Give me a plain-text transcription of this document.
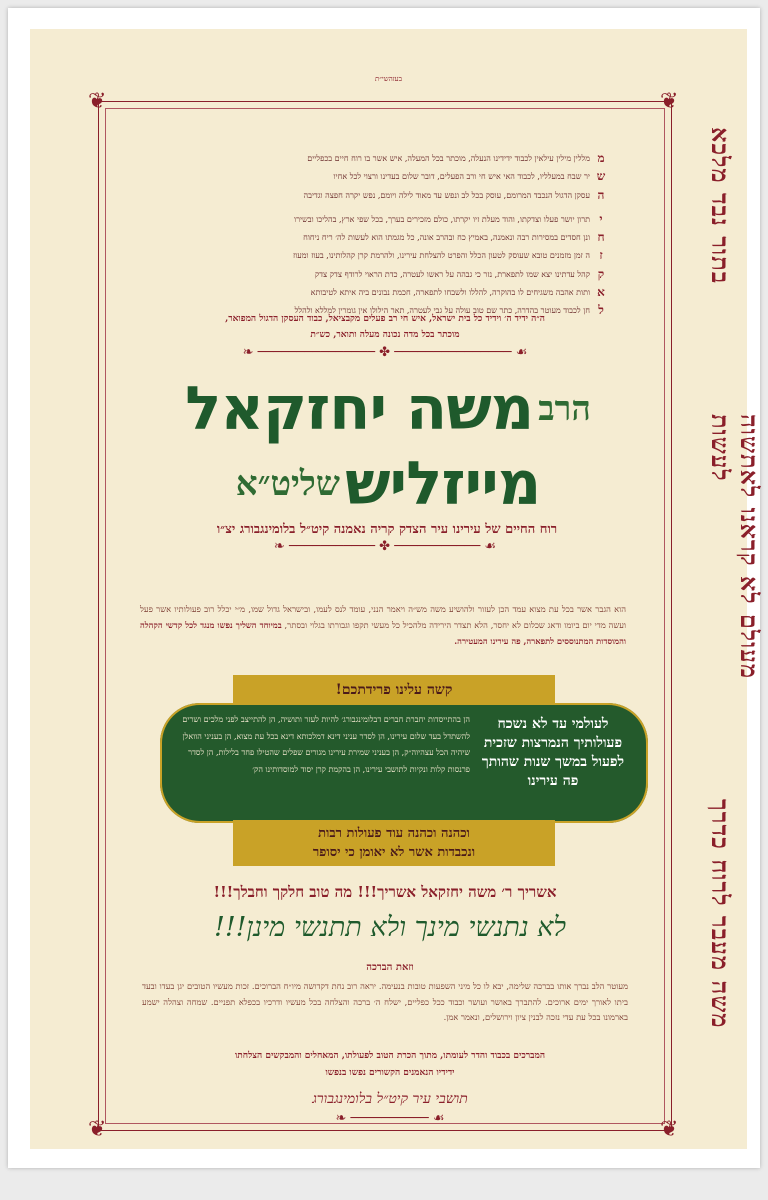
בעזהשי״ת
❦	❦
❦	❦
בתור נבד מלכא
מעולם לא קראנו לאתשוה לעשות
משה מעבר לרוח כדרך
מ
מללין מילין עילאין לכבוד ידידינו הנעלה, מוכתר בכל המעלה, איש אשר בו רוח חיים בכפליים
ש
יר שבח במעלליו, לכבוד האי איש חי ורב הפעלים, דובר שלום בעדינו ורצוי לכל אחיו
ה
עסקן הדגול הנכבד המרומם, עוסק בכל לב ונפש עד מאוד לילה ויומם, נפש יקרה חפצה וגדיבה
י
תרון יושר פעלו וצדקתו, והוד מעלת זיו יקרתו, כולם מזכירים בערך, בכל שפי ארץ, בהליכו ובשירו
ח
ונן חסדים במסירות רבה ונאמנה, באמיץ כח ובהרב אונה, כל מגמתו הוא לעשות לה׳ ריח ניחוח
ז
ה זמן מזמנים טובא שעוסק לטעון הכלל והפרט להצלחת עירינו, ולהרמת קרן קהלותינו, בעוז ומעוז
ק
קהל עדתינו יצא שמו לתפארת, נזר כי גבהה על ראשו לעטרה, כדת הראוי לרודף צדק צדק
א
ותות אהבה משגיחים לו בהוקרה, להללו ולשבחו לתפארה, חכמת נבונים ביה איתא לטיבותא
ל
חן לכבוד מעוטר בהדרה, כתר שם טוב עולה על גבי לעטרה, תאר הילולו אין גומרין למללא ולהלל
ה״ה ידיד ה׳ וידיד כל בית ישראל, איש חי רב פעלים מקבציאל, כבוד העסקן הדגול המפואר,
מוכתר בכל מדה נכונה מעלה ותואר, כש״ת
❧ ─────────────── ✤ ─────────────── ☙
הרב משה יחזקאל
מייזליש שליט״א
רוח החיים של עירינו עיר הצדק קריה נאמנה קיט״ל בלומינגבורג יצ״ו
❧ ─────────── ✤ ─────────── ☙
הוא הגבר אשר בכל עת מצוא עמד הכן לעזור ולהושיע משה מש״ה ויאמר הנני, עומד לנס לעמו, ובישראל גדול שמו, מ״י יכלל רוב פעולותיו אשר פעל ועשה מדי יום ביומו ודאג שכלום לא יחסר, הלא תצדר הירידה מלהכיל כל מעשי תקפו וגבורתו בגלוי ובסתר, במיוחד השליך נפשו מנגד לכל קדשי הקהלה והמוסדות המתנוססים לתפארה, פה עירינו המעטירה.
קשה עלינו פרידתכם!
הן בהתייסדות יחברת חברים דבלומינגבורג׳ להיות לעזר ותושיה, הן להתייצב לפני מלכים ושרים להשתדל בעד שלום עירינו, הן לסדר עניני דינא דמלכותא דינא בכל עת מצוא, הן בעניני הוואלן שיהיה הכל עצהיוה״ק, הן בעניני שמירת עירינו מגורים שפלים שהטילו פחד בלילות, הן לסדר פרנסות קלות ונקיות לתושבי עירינו, הן בהקמת קרן יסוד למוסדותינו הק׳
לעולמי עד לא נשכח פעולותיך הנמרצות שזכית לפעול במשך שנות שהותך פה עירינו
וכהנה וכהנה עוד פעולות רבות
ונכבדות אשר לא יאומן כי יסופר
אשריך ר׳ משה יחזקאל אשריך!!! מה טוב חלקך וחבלך!!!
לא נתנשי מינך ולא תתנשי מינן!!!
וזאת הברכה
מעוטר הלב נברך אותו בברכה שלימה, יבא לו כל מיני השפעות טובות בנעימה. יראה רוב נחת דקדושה מיו״ח הברוכים. זכות מעשיו הטובים יגן בעדו ובעד ביתו לאורך ימים ארוכים. להתברך באושר ועושר וכבוד ככל כפליים, ישלח ה׳ ברכה והצלחה בכל מעשיו ודרכיו בכפלא תפניים. שמחה וצהלה ישמע בארמונו בכל עת עדי נזכה לבנין ציון וירושלים, ונאמר אמן.
המברכים בכבוד והדר לעומתו, מתוך הכרת הטוב לפעולתו, המאחלים והמבקשים הצלחתו
ידידיו הנאמנים הקשורים נפשו בנפשו
תושבי עיר קיט״ל בלומינגבורג
❧ ────────── ☙
